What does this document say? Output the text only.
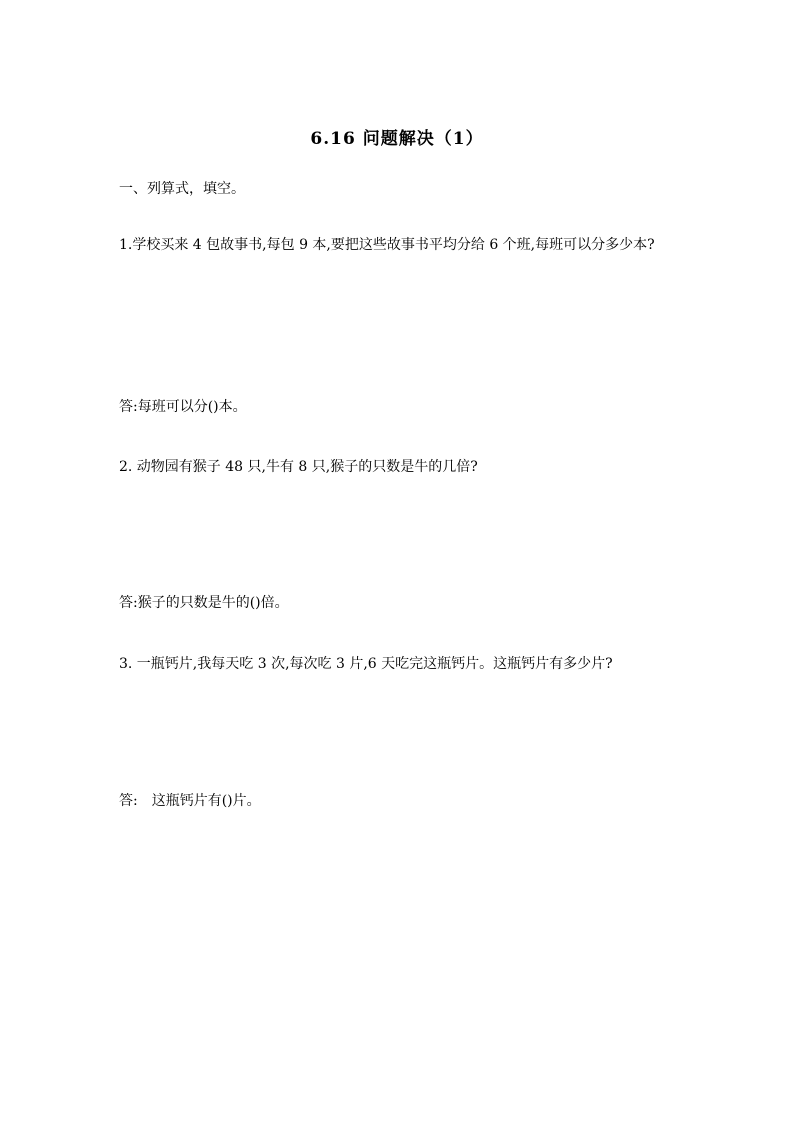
6.16 问题解决（1）
一、列算式，填空。
1.学校买来 4 包故事书,每包 9 本,要把这些故事书平均分给 6 个班,每班可以分多少本?
答:每班可以分()本。
2. 动物园有猴子 48 只,牛有 8 只,猴子的只数是牛的几倍?
答:猴子的只数是牛的()倍。
3. 一瓶钙片,我每天吃 3 次,每次吃 3 片,6 天吃完这瓶钙片。这瓶钙片有多少片?
答: 这瓶钙片有()片。
